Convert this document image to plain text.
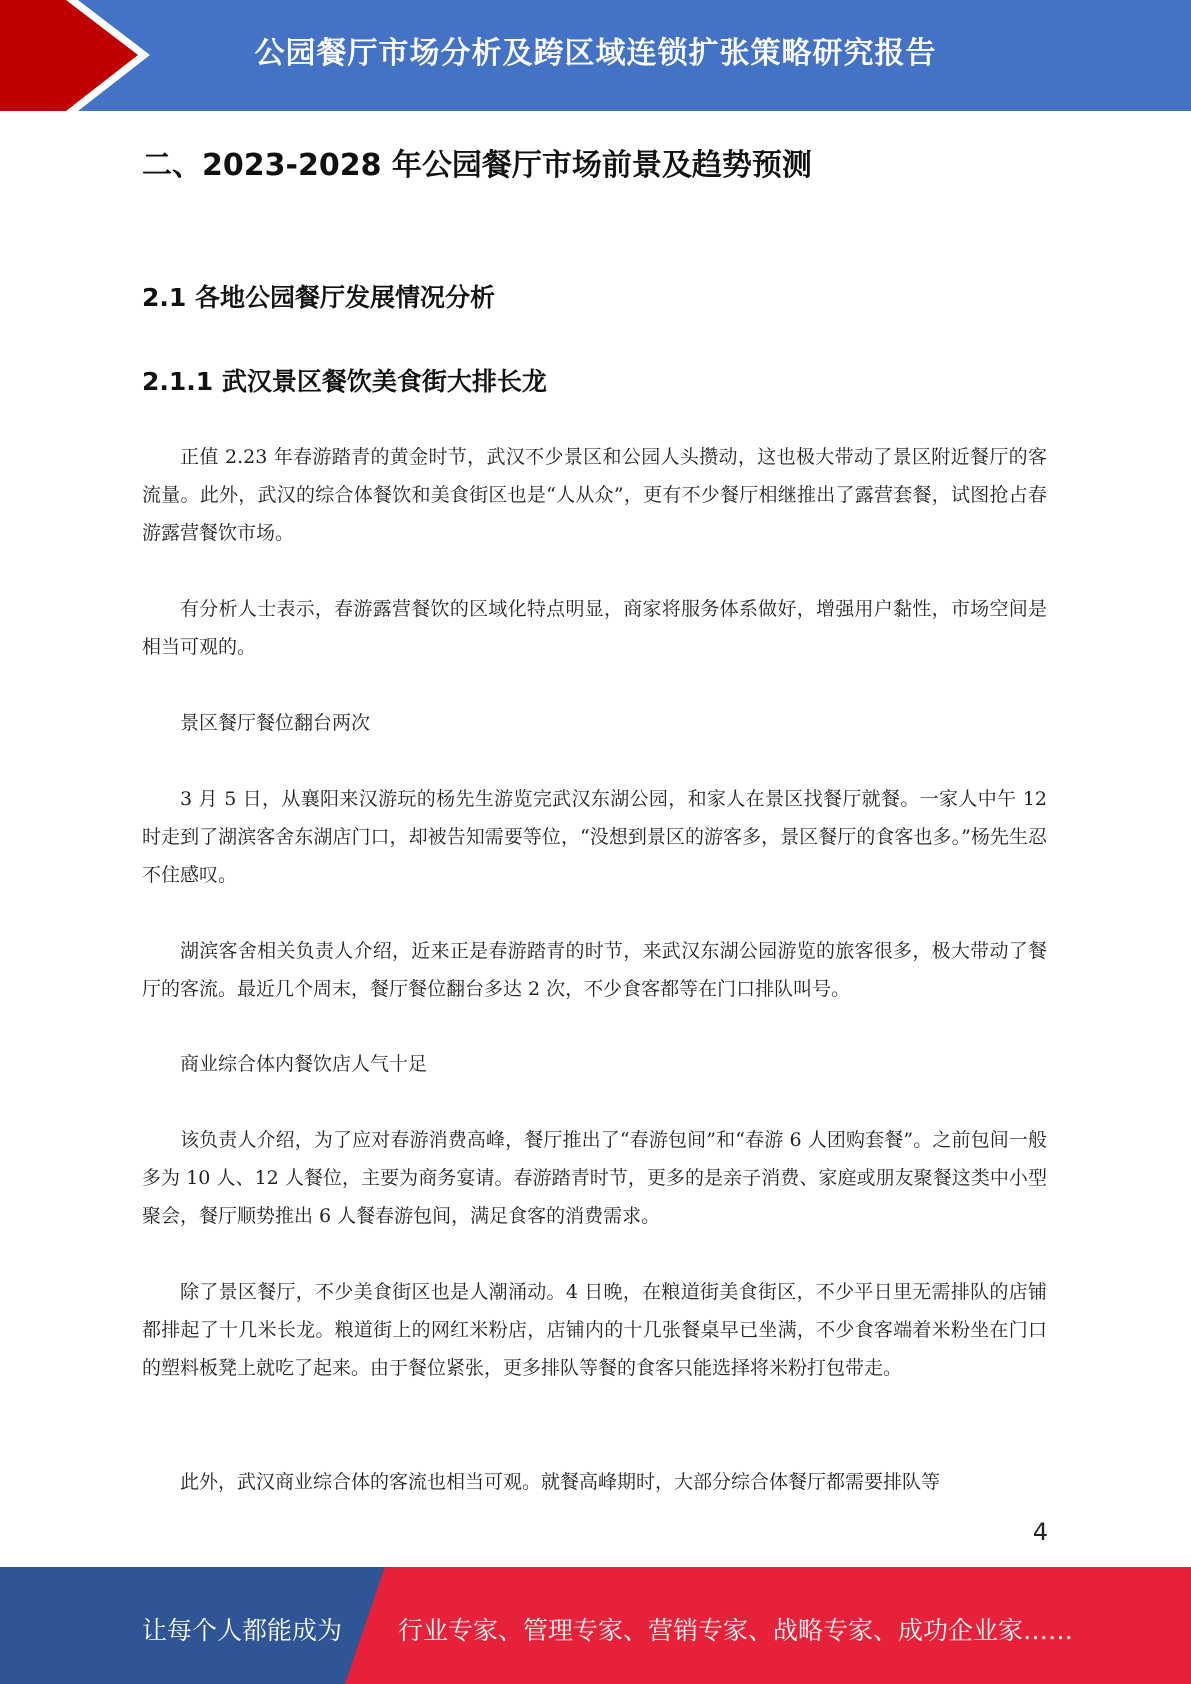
公园餐厅市场分析及跨区域连锁扩张策略研究报告
二、2023-2028 年公园餐厅市场前景及趋势预测
2.1 各地公园餐厅发展情况分析
2.1.1 武汉景区餐饮美食街大排长龙

正值 2.23 年春游踏青的黄金时节，武汉不少景区和公园人头攒动，这也极大带动了景区附近餐厅的客流量。此外，武汉的综合体餐饮和美食街区也是“人从众”，更有不少餐厅相继推出了露营套餐，试图抢占春游露营餐饮市场。

有分析人士表示，春游露营餐饮的区域化特点明显，商家将服务体系做好，增强用户黏性，市场空间是相当可观的。

景区餐厅餐位翻台两次

3 月 5 日，从襄阳来汉游玩的杨先生游览完武汉东湖公园，和家人在景区找餐厅就餐。一家人中午 12 时走到了湖滨客舍东湖店门口，却被告知需要等位，“没想到景区的游客多，景区餐厅的食客也多。”杨先生忍不住感叹。

湖滨客舍相关负责人介绍，近来正是春游踏青的时节，来武汉东湖公园游览的旅客很多，极大带动了餐厅的客流。最近几个周末，餐厅餐位翻台多达 2 次，不少食客都等在门口排队叫号。

商业综合体内餐饮店人气十足

该负责人介绍，为了应对春游消费高峰，餐厅推出了“春游包间”和“春游 6 人团购套餐”。之前包间一般多为 10 人、12 人餐位，主要为商务宴请。春游踏青时节，更多的是亲子消费、家庭或朋友聚餐这类中小型聚会，餐厅顺势推出 6 人餐春游包间，满足食客的消费需求。

除了景区餐厅，不少美食街区也是人潮涌动。4 日晚，在粮道街美食街区，不少平日里无需排队的店铺都排起了十几米长龙。粮道街上的网红米粉店，店铺内的十几张餐桌早已坐满，不少食客端着米粉坐在门口的塑料板凳上就吃了起来。由于餐位紧张，更多排队等餐的食客只能选择将米粉打包带走。

此外，武汉商业综合体的客流也相当可观。就餐高峰期时，大部分综合体餐厅都需要排队等

4
让每个人都能成为 行业专家、管理专家、营销专家、战略专家、成功企业家……
